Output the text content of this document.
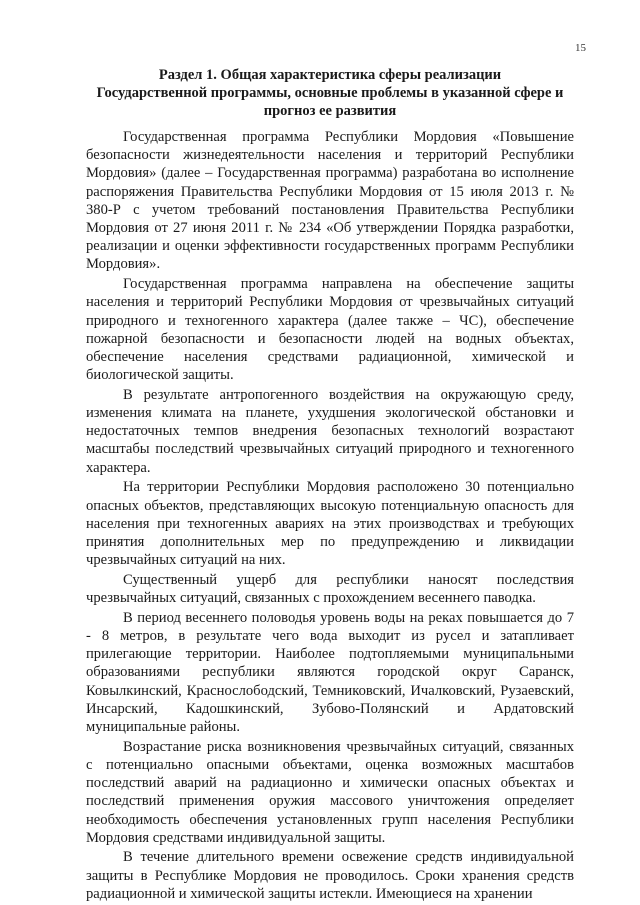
15
Раздел 1. Общая характеристика сферы реализации
Государственной программы, основные проблемы в указанной сфере и
прогноз ее развития

Государственная программа Республики Мордовия «Повышение безопасности жизнедеятельности населения и территорий Республики Мордовия» (далее – Государственная программа) разработана во исполнение распоряжения Правительства Республики Мордовия от 15 июля 2013 г. № 380-Р с учетом требований постановления Правительства Республики Мордовия от 27 июня 2011 г. № 234 «Об утверждении Порядка разработки, реализации и оценки эффективности государственных программ Республики Мордовия».

Государственная программа направлена на обеспечение защиты населения и территорий Республики Мордовия от чрезвычайных ситуаций природного и техногенного характера (далее также – ЧС), обеспечение пожарной безопасности и безопасности людей на водных объектах, обеспечение населения средствами радиационной, химической и биологической защиты.

В результате антропогенного воздействия на окружающую среду, изменения климата на планете, ухудшения экологической обстановки и недостаточных темпов внедрения безопасных технологий возрастают масштабы последствий чрезвычайных ситуаций природного и техногенного характера.

На территории Республики Мордовия расположено 30 потенциально опасных объектов, представляющих высокую потенциальную опасность для населения при техногенных авариях на этих производствах и требующих принятия дополнительных мер по предупреждению и ликвидации чрезвычайных ситуаций на них.

Существенный ущерб для республики наносят последствия чрезвычайных ситуаций, связанных с прохождением весеннего паводка.

В период весеннего половодья уровень воды на реках повышается до 7 - 8 метров, в результате чего вода выходит из русел и затапливает прилегающие территории. Наиболее подтопляемыми муниципальными образованиями республики являются городской округ Саранск, Ковылкинский, Краснослободский, Темниковский, Ичалковский, Рузаевский, Инсарский, Кадошкинский, Зубово-Полянский и Ардатовский муниципальные районы.

Возрастание риска возникновения чрезвычайных ситуаций, связанных с потенциально опасными объектами, оценка возможных масштабов последствий аварий на радиационно и химически опасных объектах и последствий применения оружия массового уничтожения определяет необходимость обеспечения установленных групп населения Республики Мордовия средствами индивидуальной защиты.

В течение длительного времени освежение средств индивидуальной защиты в Республике Мордовия не проводилось. Сроки хранения средств радиационной и химической защиты истекли. Имеющиеся на хранении
